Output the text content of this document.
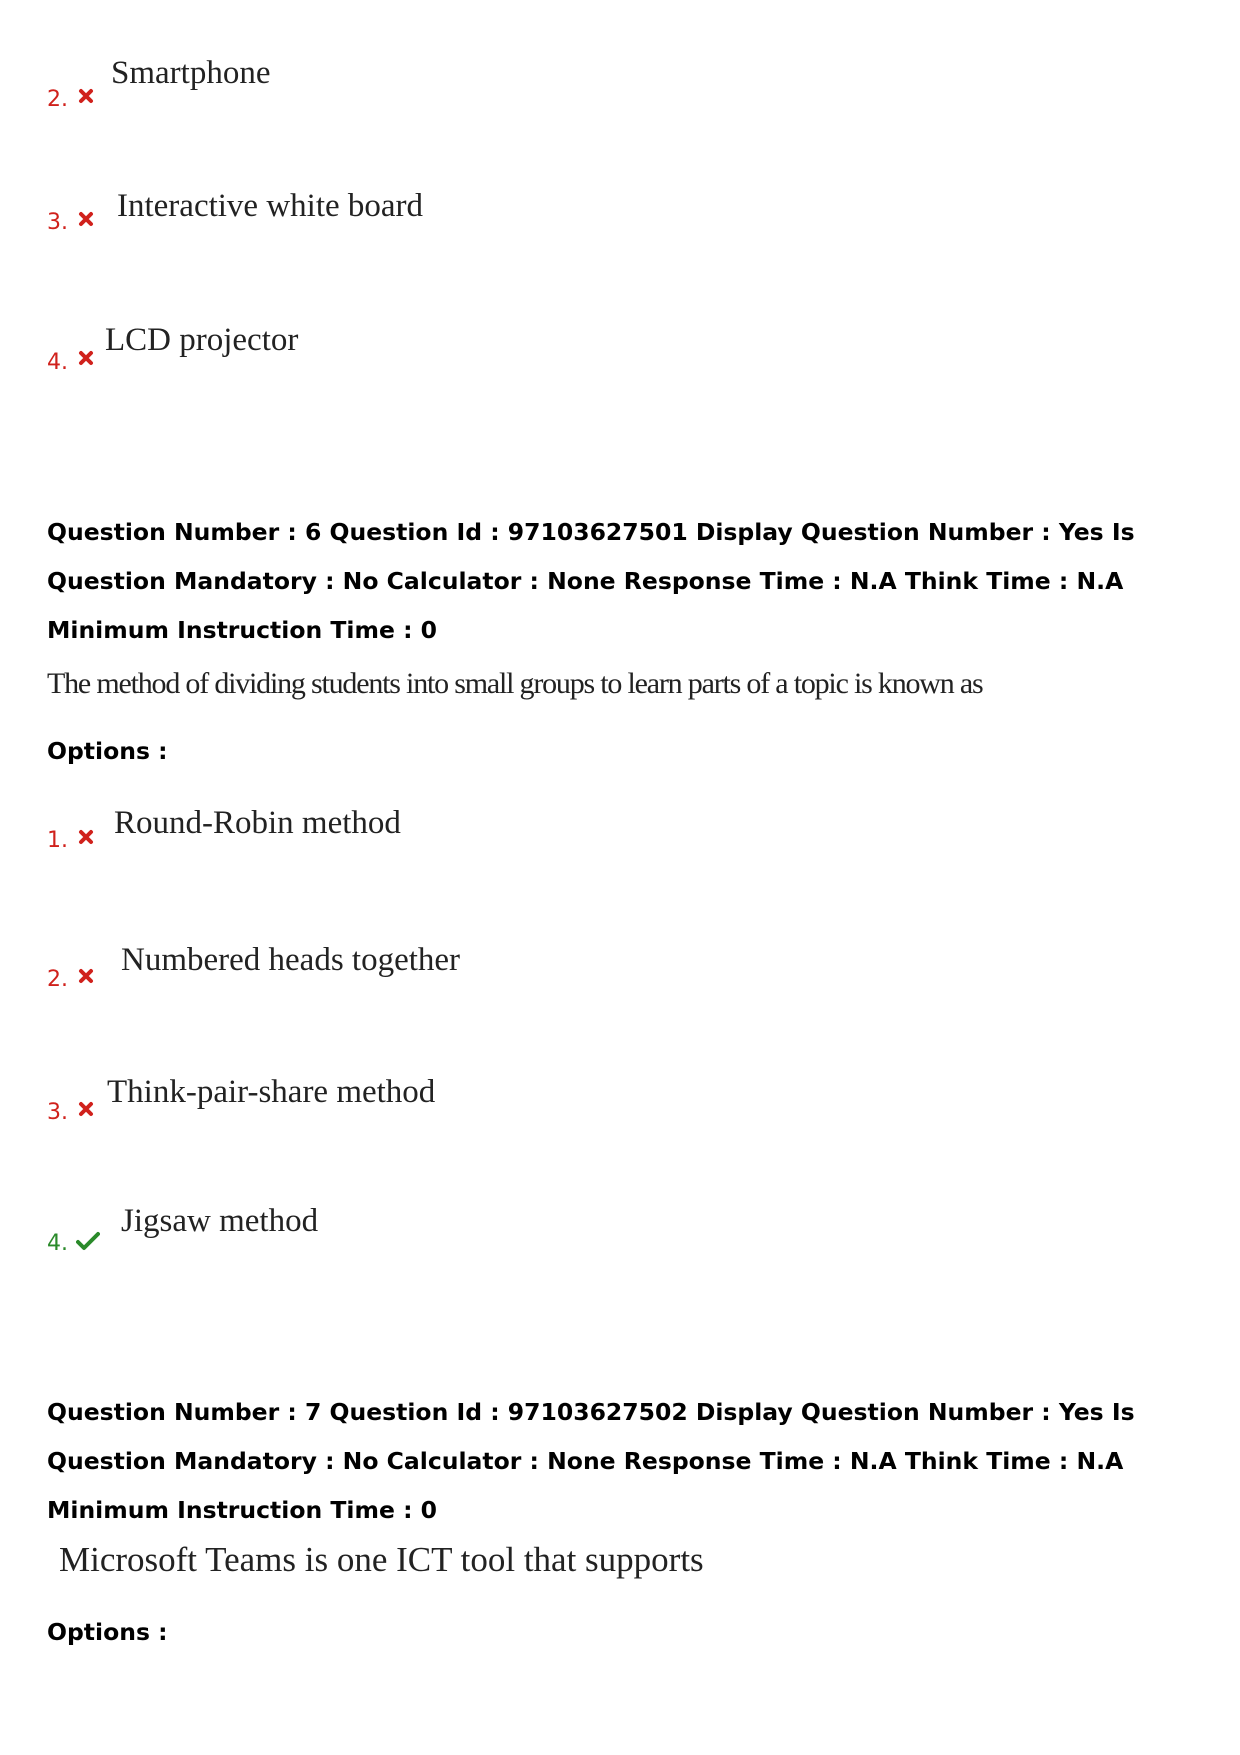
2.
Smartphone
3. Interactive white board
4.
LCD projector

Question Number : 6 Question Id : 97103627501 Display Question Number : Yes Is Question Mandatory : No Calculator : None Response Time : N.A Think Time : N.A Minimum Instruction Time : 0

The method of dividing students into small groups to learn parts of a topic is known as
Options :
1. Round-Robin method
2.
Numbered heads together
3.
Think-pair-share method
4.
Jigsaw method

Question Number : 7 Question Id : 97103627502 Display Question Number : Yes Is Question Mandatory : No Calculator : None Response Time : N.A Think Time : N.A Minimum Instruction Time : 0

Microsoft Teams is one ICT tool that supports
Options :
